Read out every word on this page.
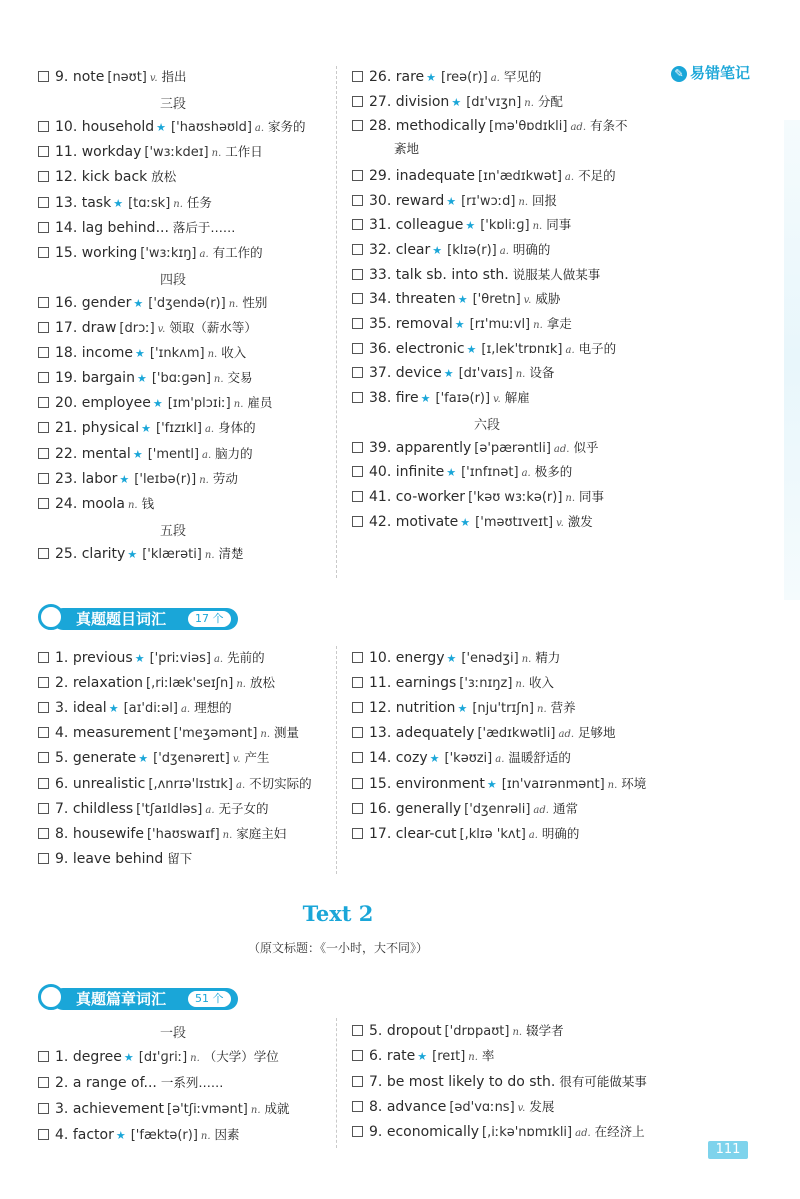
✎ 易错笔记
9. note [nəʊt] v. 指出
三段
10. household ★ ['haʊshəʊld] a. 家务的
11. workday ['wɜːkdeɪ] n. 工作日
12. kick back 放松
13. task ★ [tɑːsk] n. 任务
14. lag behind... 落后于……
15. working ['wɜːkɪŋ] a. 有工作的
四段
16. gender ★ ['dʒendə(r)] n. 性别
17. draw [drɔː] v. 领取（薪水等）
18. income ★ ['ɪnkʌm] n. 收入
19. bargain ★ ['bɑːɡən] n. 交易
20. employee ★ [ɪm'plɔɪiː] n. 雇员
21. physical ★ ['fɪzɪkl] a. 身体的
22. mental ★ ['mentl] a. 脑力的
23. labor ★ ['leɪbə(r)] n. 劳动
24. moola n. 钱
五段
25. clarity ★ ['klærəti] n. 清楚
26. rare ★ [reə(r)] a. 罕见的
27. division ★ [dɪ'vɪʒn] n. 分配
28. methodically [mə'θɒdɪkli] ad. 有条不
紊地
29. inadequate [ɪn'ædɪkwət] a. 不足的
30. reward ★ [rɪ'wɔːd] n. 回报
31. colleague ★ ['kɒliːɡ] n. 同事
32. clear ★ [klɪə(r)] a. 明确的
33. talk sb. into sth. 说服某人做某事
34. threaten ★ ['θretn] v. 威胁
35. removal ★ [rɪ'muːvl] n. 拿走
36. electronic ★ [ɪ,lek'trɒnɪk] a. 电子的
37. device ★ [dɪ'vaɪs] n. 设备
38. fire ★ ['faɪə(r)] v. 解雇
六段
39. apparently [ə'pærəntli] ad. 似乎
40. infinite ★ ['ɪnfɪnət] a. 极多的
41. co-worker ['kəʊ wɜːkə(r)] n. 同事
42. motivate ★ ['məʊtɪveɪt] v. 激发
真题题目词汇	17 个
1. previous ★ ['priːviəs] a. 先前的
2. relaxation [,riːlæk'seɪʃn] n. 放松
3. ideal ★ [aɪ'diːəl] a. 理想的
4. measurement ['meʒəmənt] n. 测量
5. generate ★ ['dʒenəreɪt] v. 产生
6. unrealistic [,ʌnrɪə'lɪstɪk] a. 不切实际的
7. childless ['tʃaɪldləs] a. 无子女的
8. housewife ['haʊswaɪf] n. 家庭主妇
9. leave behind 留下
10. energy ★ ['enədʒi] n. 精力
11. earnings ['ɜːnɪŋz] n. 收入
12. nutrition ★ [nju'trɪʃn] n. 营养
13. adequately ['ædɪkwətli] ad. 足够地
14. cozy ★ ['kəʊzi] a. 温暖舒适的
15. environment ★ [ɪn'vaɪrənmənt] n. 环境
16. generally ['dʒenrəli] ad. 通常
17. clear-cut [,klɪə 'kʌt] a. 明确的
Text 2
（原文标题：《一小时，大不同》）
真题篇章词汇	51 个
一段
1. degree ★ [dɪ'ɡriː] n. （大学）学位
2. a range of... 一系列……
3. achievement [ə'tʃiːvmənt] n. 成就
4. factor ★ ['fæktə(r)] n. 因素
5. dropout ['drɒpaʊt] n. 辍学者
6. rate ★ [reɪt] n. 率
7. be most likely to do sth. 很有可能做某事
8. advance [əd'vɑːns] v. 发展
9. economically [,iːkə'nɒmɪkli] ad. 在经济上
111
